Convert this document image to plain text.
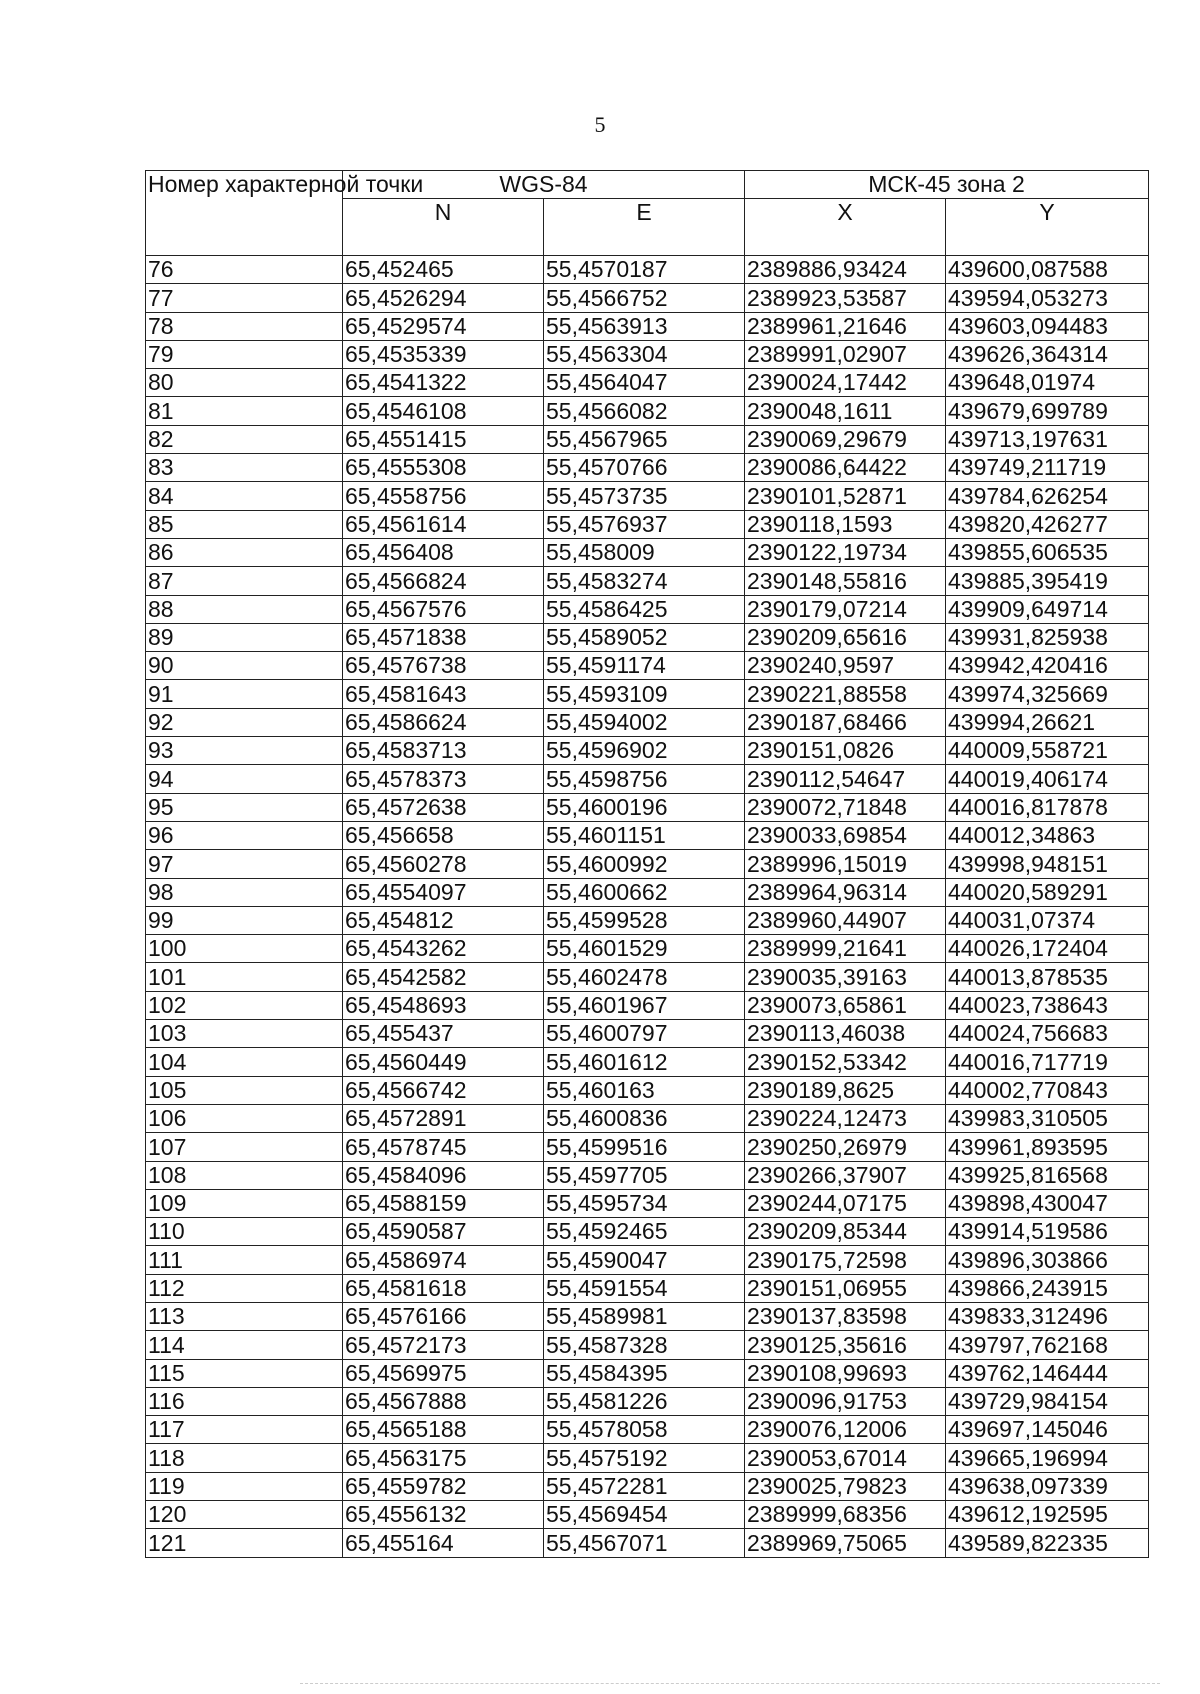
5
Номер характерной точки	WGS-84		МСК-45 зона 2	
	N	E	X	Y
76	65,452465	55,4570187	2389886,93424	439600,087588
77	65,4526294	55,4566752	2389923,53587	439594,053273
78	65,4529574	55,4563913	2389961,21646	439603,094483
79	65,4535339	55,4563304	2389991,02907	439626,364314
80	65,4541322	55,4564047	2390024,17442	439648,01974
81	65,4546108	55,4566082	2390048,1611	439679,699789
82	65,4551415	55,4567965	2390069,29679	439713,197631
83	65,4555308	55,4570766	2390086,64422	439749,211719
84	65,4558756	55,4573735	2390101,52871	439784,626254
85	65,4561614	55,4576937	2390118,1593	439820,426277
86	65,456408	55,458009	2390122,19734	439855,606535
87	65,4566824	55,4583274	2390148,55816	439885,395419
88	65,4567576	55,4586425	2390179,07214	439909,649714
89	65,4571838	55,4589052	2390209,65616	439931,825938
90	65,4576738	55,4591174	2390240,9597	439942,420416
91	65,4581643	55,4593109	2390221,88558	439974,325669
92	65,4586624	55,4594002	2390187,68466	439994,26621
93	65,4583713	55,4596902	2390151,0826	440009,558721
94	65,4578373	55,4598756	2390112,54647	440019,406174
95	65,4572638	55,4600196	2390072,71848	440016,817878
96	65,456658	55,4601151	2390033,69854	440012,34863
97	65,4560278	55,4600992	2389996,15019	439998,948151
98	65,4554097	55,4600662	2389964,96314	440020,589291
99	65,454812	55,4599528	2389960,44907	440031,07374
100	65,4543262	55,4601529	2389999,21641	440026,172404
101	65,4542582	55,4602478	2390035,39163	440013,878535
102	65,4548693	55,4601967	2390073,65861	440023,738643
103	65,455437	55,4600797	2390113,46038	440024,756683
104	65,4560449	55,4601612	2390152,53342	440016,717719
105	65,4566742	55,460163	2390189,8625	440002,770843
106	65,4572891	55,4600836	2390224,12473	439983,310505
107	65,4578745	55,4599516	2390250,26979	439961,893595
108	65,4584096	55,4597705	2390266,37907	439925,816568
109	65,4588159	55,4595734	2390244,07175	439898,430047
110	65,4590587	55,4592465	2390209,85344	439914,519586
111	65,4586974	55,4590047	2390175,72598	439896,303866
112	65,4581618	55,4591554	2390151,06955	439866,243915
113	65,4576166	55,4589981	2390137,83598	439833,312496
114	65,4572173	55,4587328	2390125,35616	439797,762168
115	65,4569975	55,4584395	2390108,99693	439762,146444
116	65,4567888	55,4581226	2390096,91753	439729,984154
117	65,4565188	55,4578058	2390076,12006	439697,145046
118	65,4563175	55,4575192	2390053,67014	439665,196994
119	65,4559782	55,4572281	2390025,79823	439638,097339
120	65,4556132	55,4569454	2389999,68356	439612,192595
121	65,455164	55,4567071	2389969,75065	439589,822335
